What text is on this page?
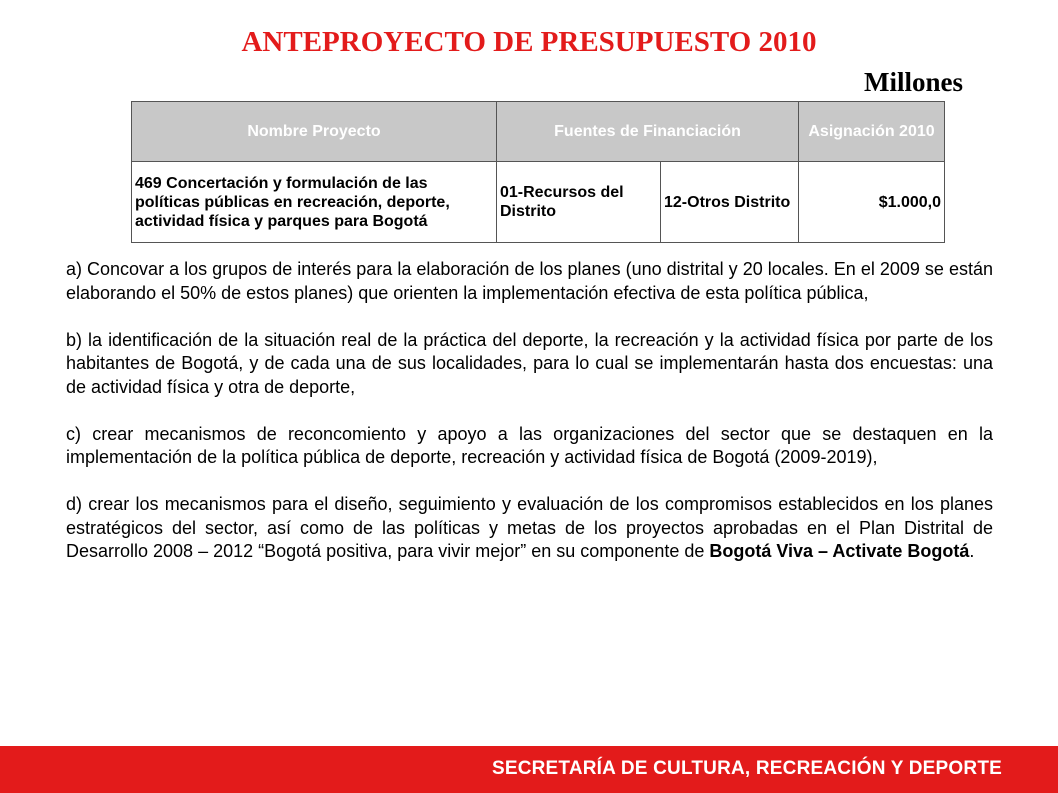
ANTEPROYECTO DE PRESUPUESTO 2010
Millones
Nombre Proyecto	Fuentes de Financiación		Asignación 2010
469 Concertación y formulación de las políticas públicas en recreación, deporte, actividad física y parques para Bogotá	01-Recursos del Distrito	12-Otros Distrito	$1.000,0

a) Concovar a los grupos de interés para la elaboración de los planes (uno distrital y 20 locales. En el 2009 se están elaborando el 50% de estos planes) que orienten la implementación efectiva de esta política pública,

b) la identificación de la situación real de la práctica del deporte, la recreación y la actividad física por parte de los habitantes de Bogotá, y de cada una de sus localidades, para lo cual se implementarán hasta dos encuestas: una de actividad física y otra de deporte,

c) crear mecanismos de reconcomiento y apoyo a las organizaciones del sector que se destaquen en la implementación de la política pública de deporte, recreación y actividad física de Bogotá (2009-2019),

d) crear los mecanismos para el diseño, seguimiento y evaluación de los compromisos establecidos en los planes estratégicos del sector, así como de las políticas y metas de los proyectos aprobadas en el Plan Distrital de Desarrollo 2008 – 2012 “Bogotá positiva, para vivir mejor” en su componente de Bogotá Viva – Activate Bogotá.

SECRETARÍA DE CULTURA, RECREACIÓN Y DEPORTE
